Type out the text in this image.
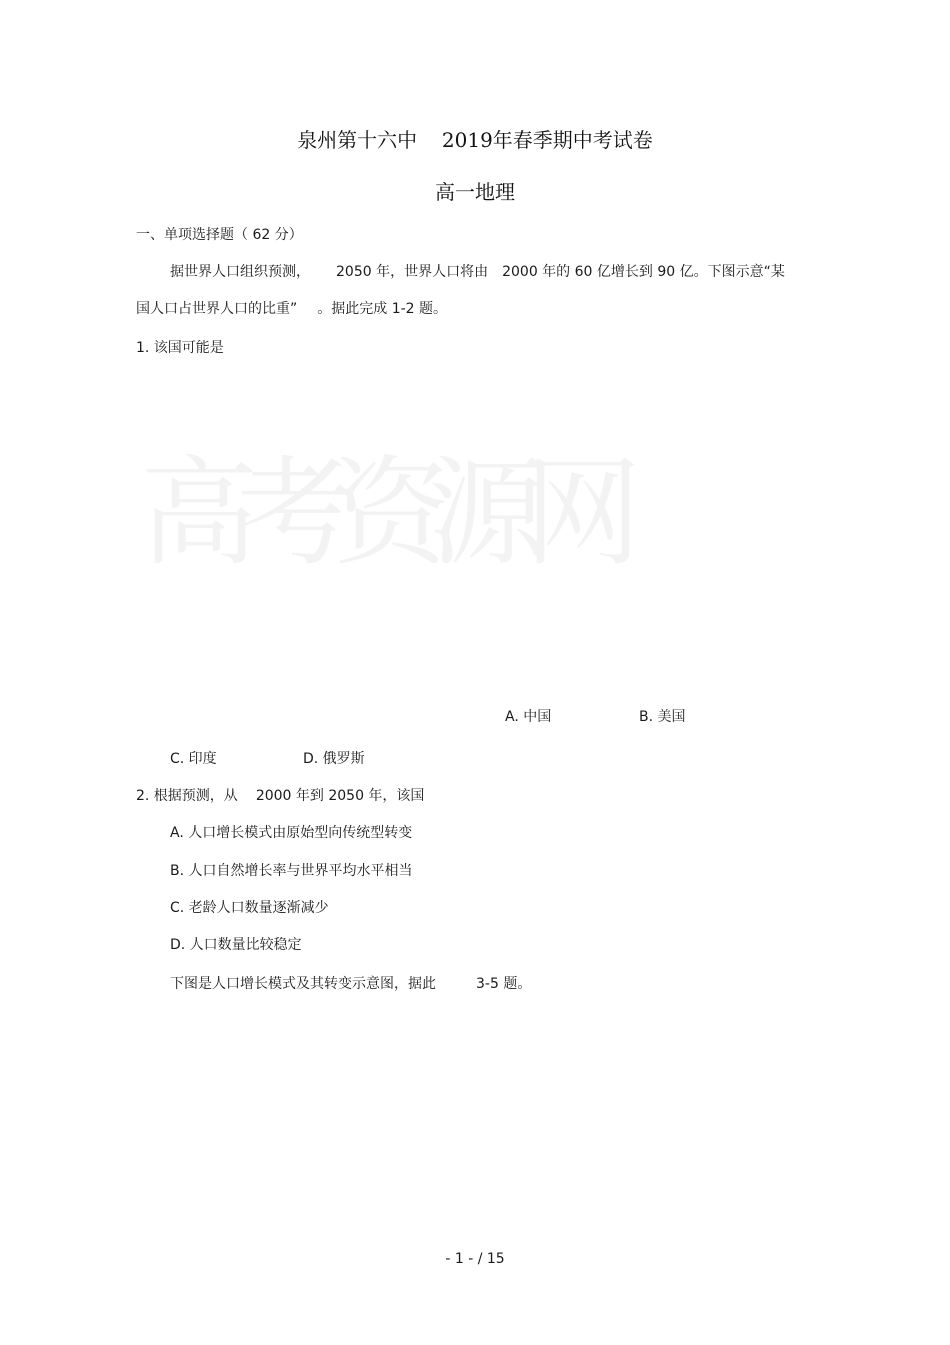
泉州第十六中 2019年春季期中考试卷
高一地理
一、单项选择题（ 62 分）
据世界人口组织预测， 2050 年，世界人口将由 2000 年的 60 亿增长到 90 亿。下图示意“某
国人口占世界人口的比重” 。据此完成 1-2 题。
1. 该国可能是
高考资源网
A. 中国	B. 美国
C. 印度	D. 俄罗斯
2. 根据预测，从 2000 年到 2050 年，该国
A. 人口增长模式由原始型向传统型转变
B. 人口自然增长率与世界平均水平相当
C. 老龄人口数量逐渐减少
D. 人口数量比较稳定
下图是人口增长模式及其转变示意图，据此	3-5 题。
- 1 - / 15
